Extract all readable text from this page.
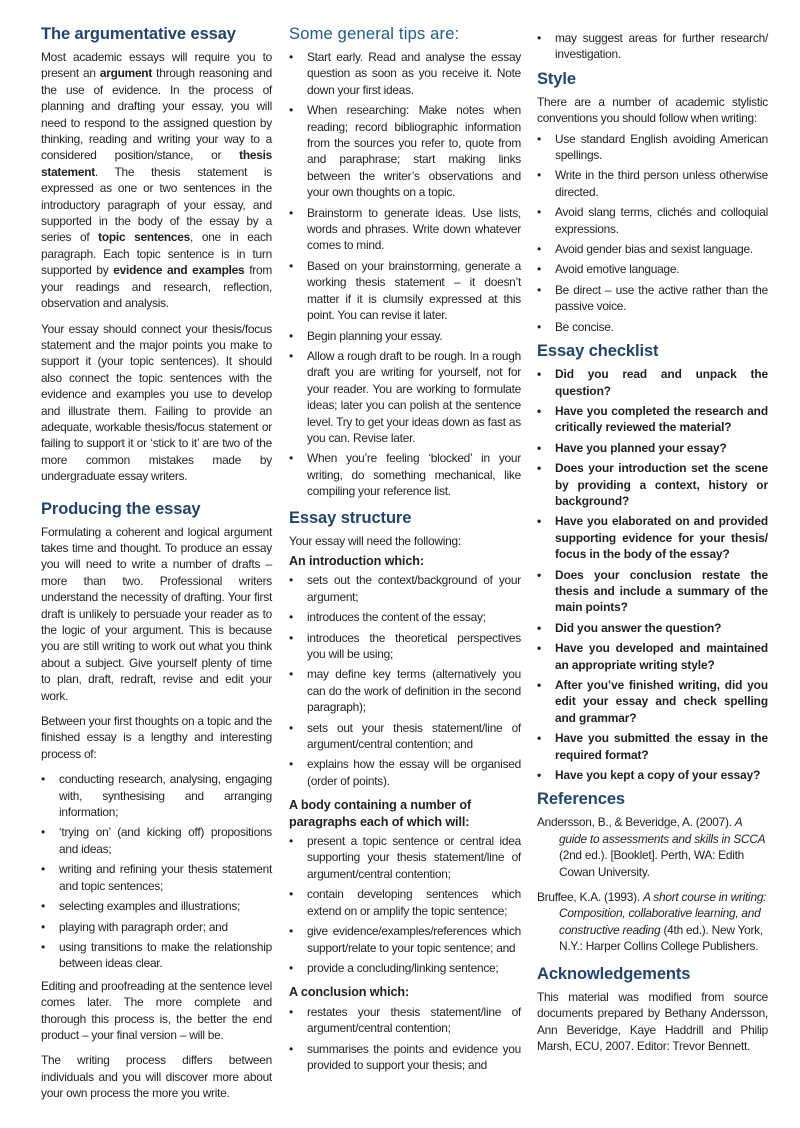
The argumentative essay

Most academic essays will require you to present an argument through reasoning and the use of evidence. In the process of planning and drafting your essay, you will need to respond to the assigned question by thinking, reading and writing your way to a considered position/stance, or thesis statement. The thesis statement is expressed as one or two sentences in the introductory paragraph of your essay, and supported in the body of the essay by a series of topic sentences, one in each paragraph. Each topic sentence is in turn supported by evidence and examples from your readings and research, reflection, observation and analysis.

Your essay should connect your thesis/focus statement and the major points you make to support it (your topic sentences). It should also connect the topic sentences with the evidence and examples you use to develop and illustrate them. Failing to provide an adequate, workable thesis/focus statement or failing to support it or ‘stick to it’ are two of the more common mistakes made by undergraduate essay writers.

Producing the essay

Formulating a coherent and logical argument takes time and thought. To produce an essay you will need to write a number of drafts – more than two. Professional writers understand the necessity of drafting. Your first draft is unlikely to persuade your reader as to the logic of your argument. This is because you are still writing to work out what you think about a subject. Give yourself plenty of time to plan, draft, redraft, revise and edit your work.

Between your first thoughts on a topic and the finished essay is a lengthy and interesting process of:

• conducting research, analysing, engaging with, synthesising and arranging information;
• ‘trying on’ (and kicking off) propositions and ideas;
• writing and refining your thesis statement and topic sentences;
• selecting examples and illustrations;
• playing with paragraph order; and
• using transitions to make the relationship between ideas clear.

Editing and proofreading at the sentence level comes later. The more complete and thorough this process is, the better the end product – your final version – will be.

The writing process differs between individuals and you will discover more about your own process the more you write.

Some general tips are:
• Start early. Read and analyse the essay question as soon as you receive it. Note down your first ideas.
• When researching: Make notes when reading; record bibliographic information from the sources you refer to, quote from and paraphrase; start making links between the writer’s observations and your own thoughts on a topic.
• Brainstorm to generate ideas. Use lists, words and phrases. Write down whatever comes to mind.
• Based on your brainstorming, generate a working thesis statement – it doesn’t matter if it is clumsily expressed at this point. You can revise it later.
• Begin planning your essay.
• Allow a rough draft to be rough. In a rough draft you are writing for yourself, not for your reader. You are working to formulate ideas; later you can polish at the sentence level. Try to get your ideas down as fast as you can. Revise later.
• When you’re feeling ‘blocked’ in your writing, do something mechanical, like compiling your reference list.
Essay structure

Your essay will need the following:

An introduction which:
• sets out the context/background of your argument;
• introduces the content of the essay;
• introduces the theoretical perspectives you will be using;
• may define key terms (alternatively you can do the work of definition in the second paragraph);
• sets out your thesis statement/line of argument/central contention; and
• explains how the essay will be organised (order of points).
A body containing a number of paragraphs each of which will:
• present a topic sentence or central idea supporting your thesis statement/line of argument/central contention;
• contain developing sentences which extend on or amplify the topic sentence;
• give evidence/examples/references which support/relate to your topic sentence; and
• provide a concluding/linking sentence;
A conclusion which:
• restates your thesis statement/line of argument/central contention;
• summarises the points and evidence you provided to support your thesis; and
• may suggest areas for further research/ investigation.
Style

There are a number of academic stylistic conventions you should follow when writing:

• Use standard English avoiding American spellings.
• Write in the third person unless otherwise directed.
• Avoid slang terms, clichés and colloquial expressions.
• Avoid gender bias and sexist language.
• Avoid emotive language.
• Be direct – use the active rather than the passive voice.
• Be concise.
Essay checklist
• Did you read and unpack the question?
• Have you completed the research and critically reviewed the material?
• Have you planned your essay?
• Does your introduction set the scene by providing a context, history or background?
• Have you elaborated on and provided supporting evidence for your thesis/ focus in the body of the essay?
• Does your conclusion restate the thesis and include a summary of the main points?
• Did you answer the question?
• Have you developed and maintained an appropriate writing style?
• After you’ve finished writing, did you edit your essay and check spelling and grammar?
• Have you submitted the essay in the required format?
• Have you kept a copy of your essay?
References

Andersson, B., & Beveridge, A. (2007). A guide to assessments and skills in SCCA (2nd ed.). [Booklet]. Perth, WA: Edith Cowan University.

Bruffee, K.A. (1993). A short course in writing: Composition, collaborative learning, and constructive reading (4th ed.). New York, N.Y.: Harper Collins College Publishers.

Acknowledgements

This material was modified from source documents prepared by Bethany Andersson, Ann Beveridge, Kaye Haddrill and Philip Marsh, ECU, 2007. Editor: Trevor Bennett.
